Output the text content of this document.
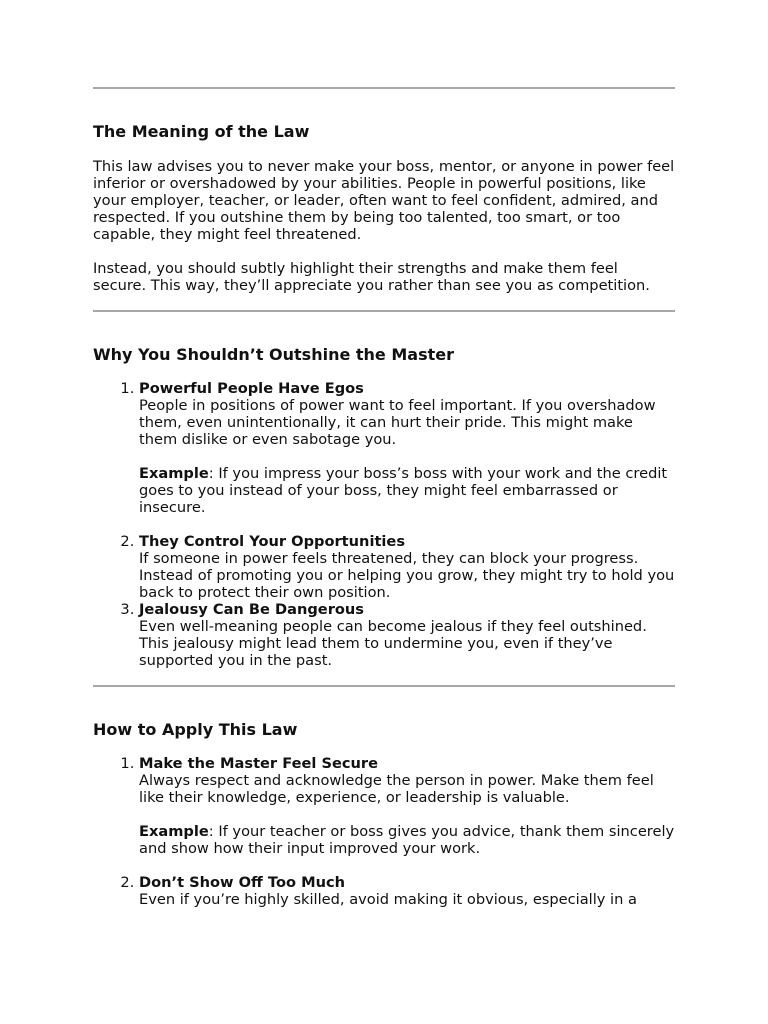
The Meaning of the Law

This law advises you to never make your boss, mentor, or anyone in power feel inferior or overshadowed by your abilities. People in powerful positions, like your employer, teacher, or leader, often want to feel confident, admired, and respected. If you outshine them by being too talented, too smart, or too capable, they might feel threatened.

Instead, you should subtly highlight their strengths and make them feel secure. This way, they’ll appreciate you rather than see you as competition.

Why You Shouldn’t Outshine the Master
1. Powerful People Have Egos
People in positions of power want to feel important. If you overshadow them, even unintentionally, it can hurt their pride. This might make them dislike or even sabotage you.
Example: If you impress your boss’s boss with your work and the credit goes to you instead of your boss, they might feel embarrassed or insecure.
2. They Control Your Opportunities
If someone in power feels threatened, they can block your progress. Instead of promoting you or helping you grow, they might try to hold you back to protect their own position.
3. Jealousy Can Be Dangerous
Even well-meaning people can become jealous if they feel outshined. This jealousy might lead them to undermine you, even if they’ve supported you in the past.
How to Apply This Law
1. Make the Master Feel Secure
Always respect and acknowledge the person in power. Make them feel like their knowledge, experience, or leadership is valuable.
Example: If your teacher or boss gives you advice, thank them sincerely and show how their input improved your work.
2. Don’t Show Off Too Much
Even if you’re highly skilled, avoid making it obvious, especially in a
